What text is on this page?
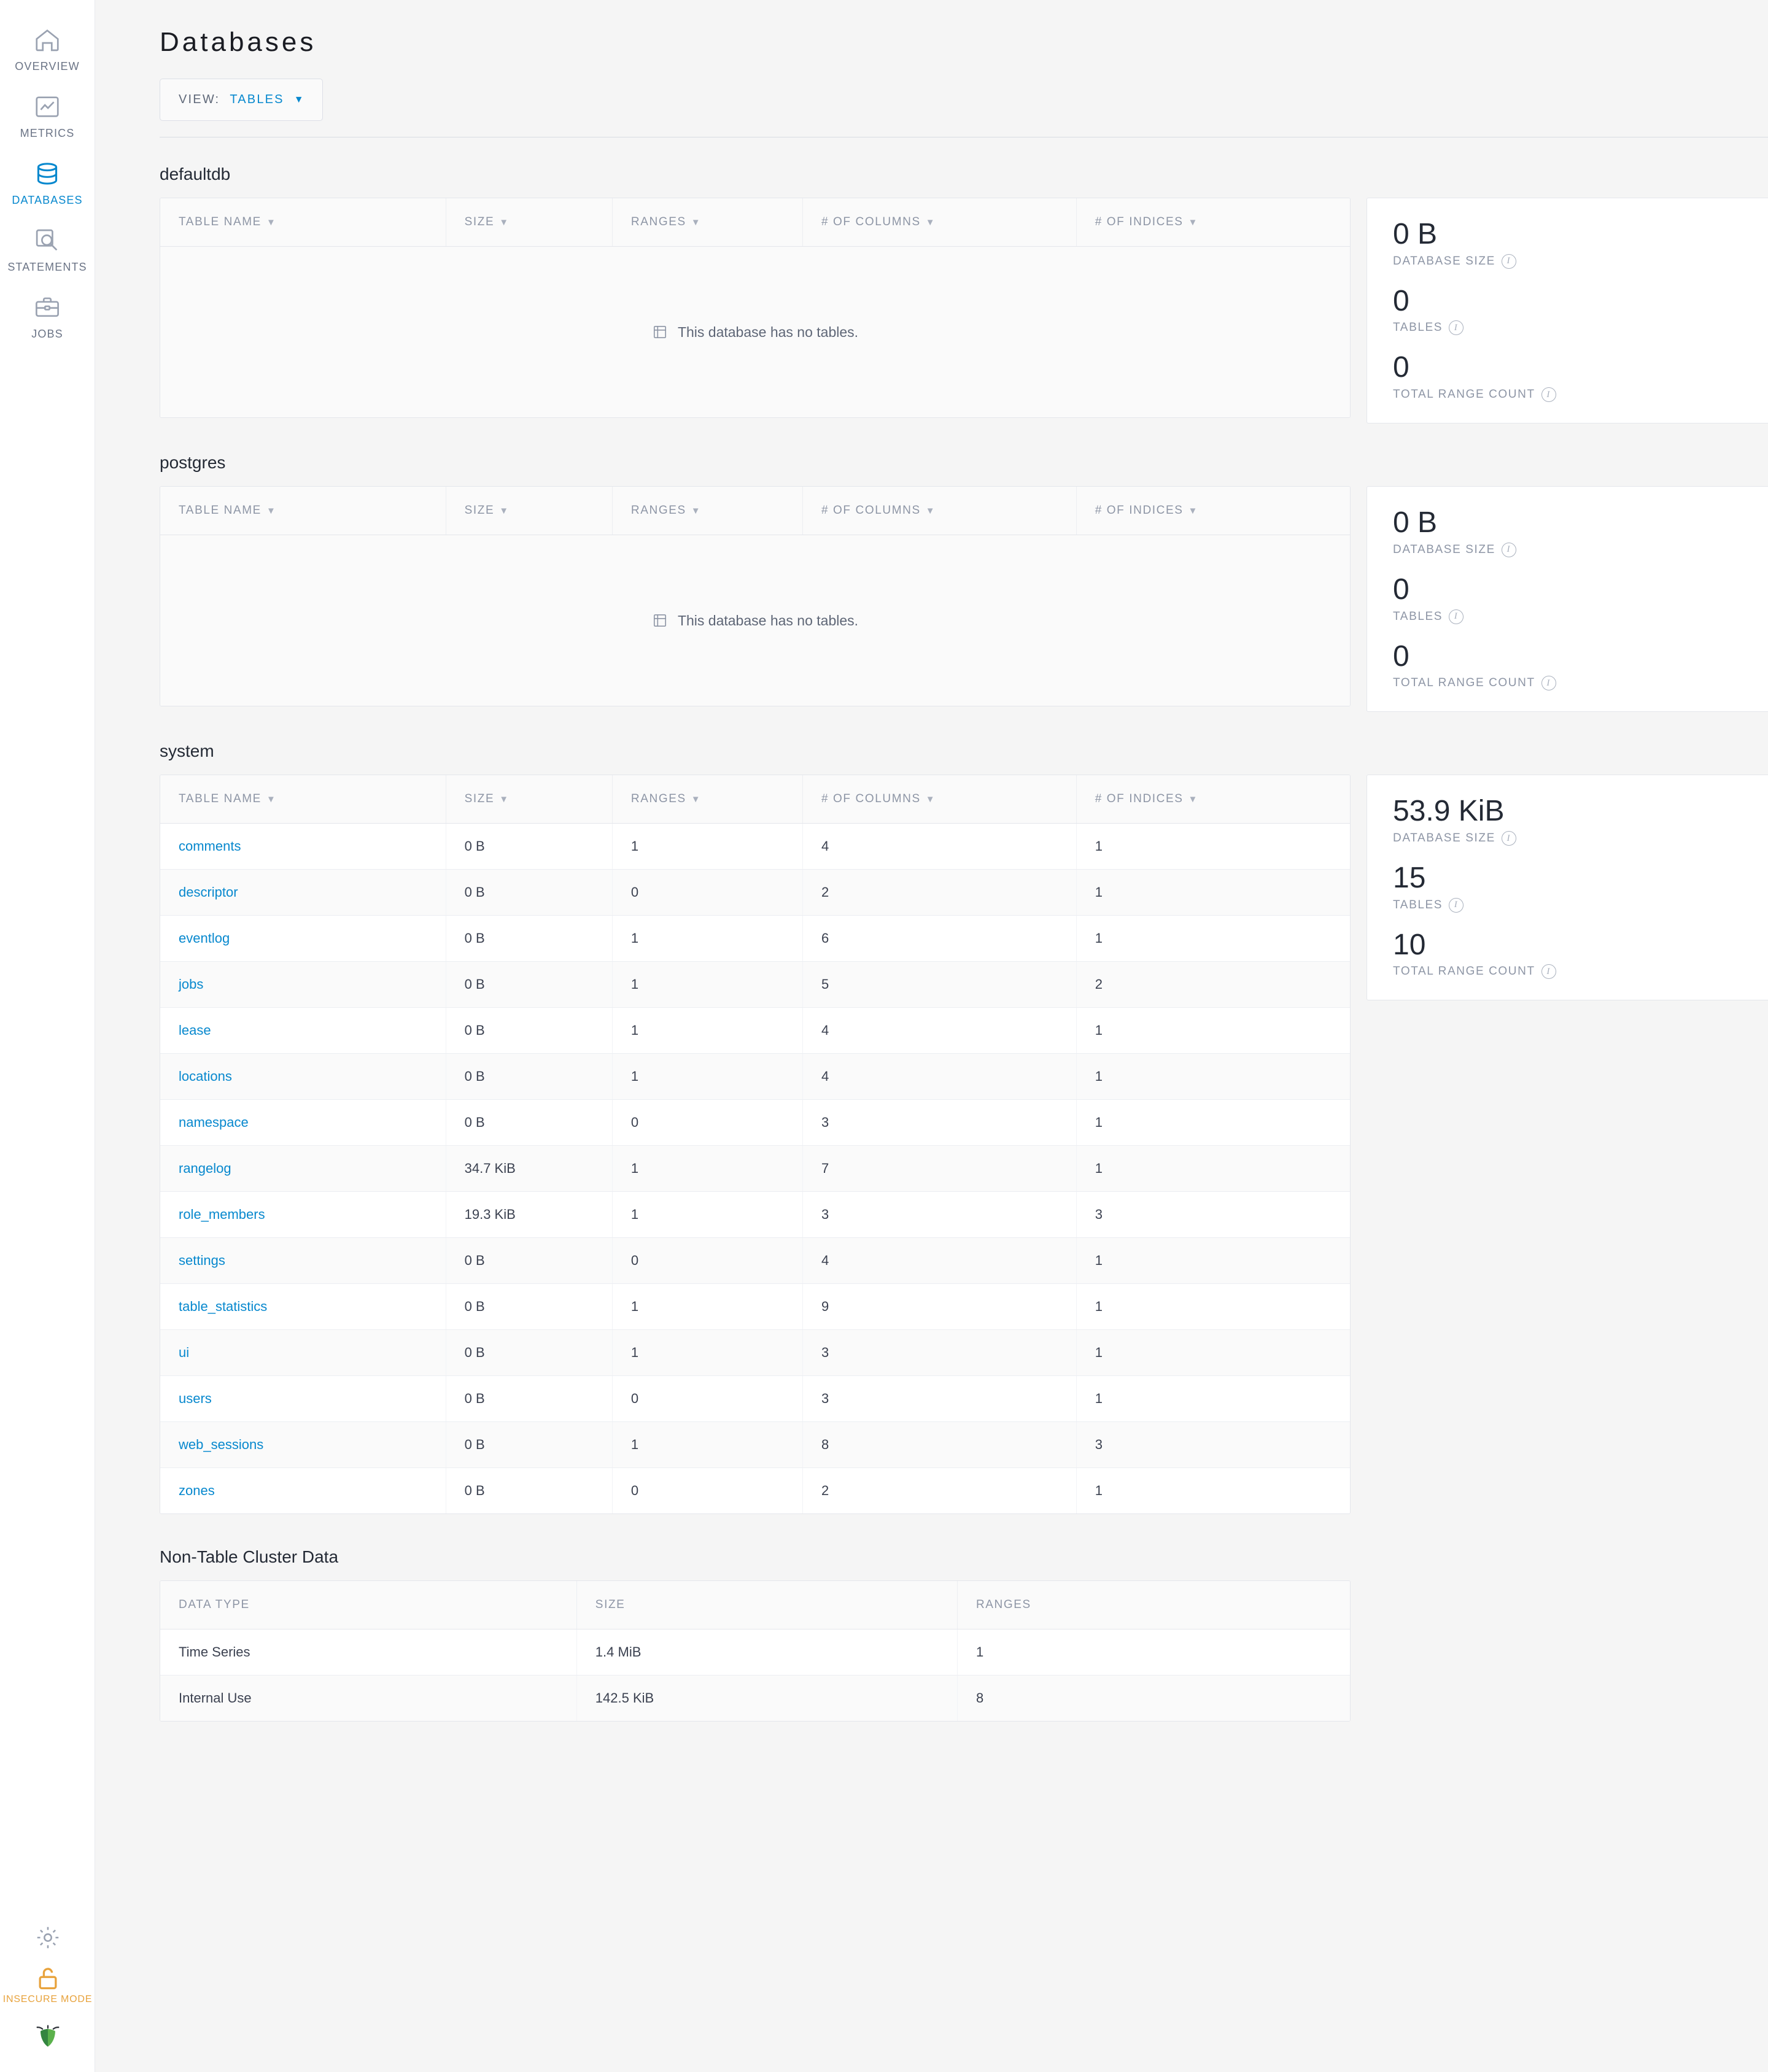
OVERVIEW
METRICS
DATABASES
STATEMENTS
JOBS
INSECURE MODE
Databases
VIEW: TABLES ▼
defaultdb
TABLE NAME ▼	SIZE ▼	RANGES ▼	# OF COLUMNS ▼	# OF INDICES ▼
This database has no tables.
0 B
DATABASE SIZE	I
0
TABLES	I
0
TOTAL RANGE COUNT	I
postgres
TABLE NAME ▼	SIZE ▼	RANGES ▼	# OF COLUMNS ▼	# OF INDICES ▼
This database has no tables.
0 B
DATABASE SIZE	I
0
TABLES	I
0
TOTAL RANGE COUNT	I
system
TABLE NAME ▼	SIZE ▼	RANGES ▼	# OF COLUMNS ▼	# OF INDICES ▼
comments	0 B	1	4	1
descriptor	0 B	0	2	1
eventlog	0 B	1	6	1
jobs	0 B	1	5	2
lease	0 B	1	4	1
locations	0 B	1	4	1
namespace	0 B	0	3	1
rangelog	34.7 KiB	1	7	1
role_members	19.3 KiB	1	3	3
settings	0 B	0	4	1
table_statistics	0 B	1	9	1
ui	0 B	1	3	1
users	0 B	0	3	1
web_sessions	0 B	1	8	3
zones	0 B	0	2	1
53.9 KiB
DATABASE SIZE	I
15
TABLES	I
10
TOTAL RANGE COUNT	I
Non-Table Cluster Data
DATA TYPE	SIZE	RANGES
Time Series	1.4 MiB	1
Internal Use	142.5 KiB	8
